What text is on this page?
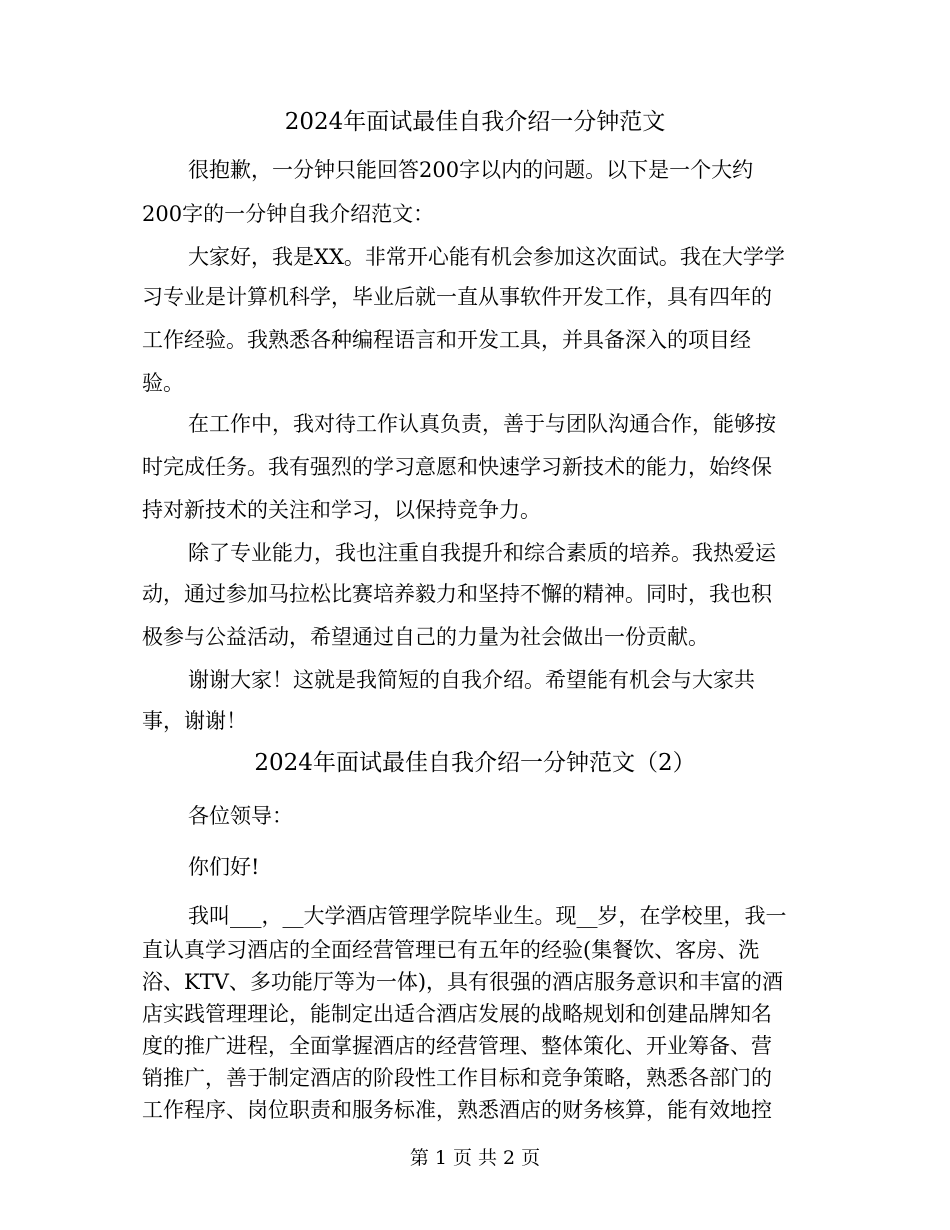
2024年面试最佳自我介绍一分钟范文
很抱歉，一分钟只能回答200字以内的问题。以下是一个大约
200字的一分钟自我介绍范文：
大家好，我是XX。非常开心能有机会参加这次面试。我在大学学
习专业是计算机科学，毕业后就一直从事软件开发工作，具有四年的
工作经验。我熟悉各种编程语言和开发工具，并具备深入的项目经
验。
在工作中，我对待工作认真负责，善于与团队沟通合作，能够按
时完成任务。我有强烈的学习意愿和快速学习新技术的能力，始终保
持对新技术的关注和学习，以保持竞争力。
除了专业能力，我也注重自我提升和综合素质的培养。我热爱运
动，通过参加马拉松比赛培养毅力和坚持不懈的精神。同时，我也积
极参与公益活动，希望通过自己的力量为社会做出一份贡献。
谢谢大家！这就是我简短的自我介绍。希望能有机会与大家共
事，谢谢！
2024年面试最佳自我介绍一分钟范文（2）
各位领导：
你们好!
我叫___，__大学酒店管理学院毕业生。现__岁，在学校里，我一
直认真学习酒店的全面经营管理已有五年的经验(集餐饮、客房、洗
浴、KTV、多功能厅等为一体)，具有很强的酒店服务意识和丰富的酒
店实践管理理论，能制定出适合酒店发展的战略规划和创建品牌知名
度的推广进程，全面掌握酒店的经营管理、整体策化、开业筹备、营
销推广，善于制定酒店的阶段性工作目标和竞争策略，熟悉各部门的
工作程序、岗位职责和服务标准，熟悉酒店的财务核算，能有效地控
第 1 页 共 2 页
